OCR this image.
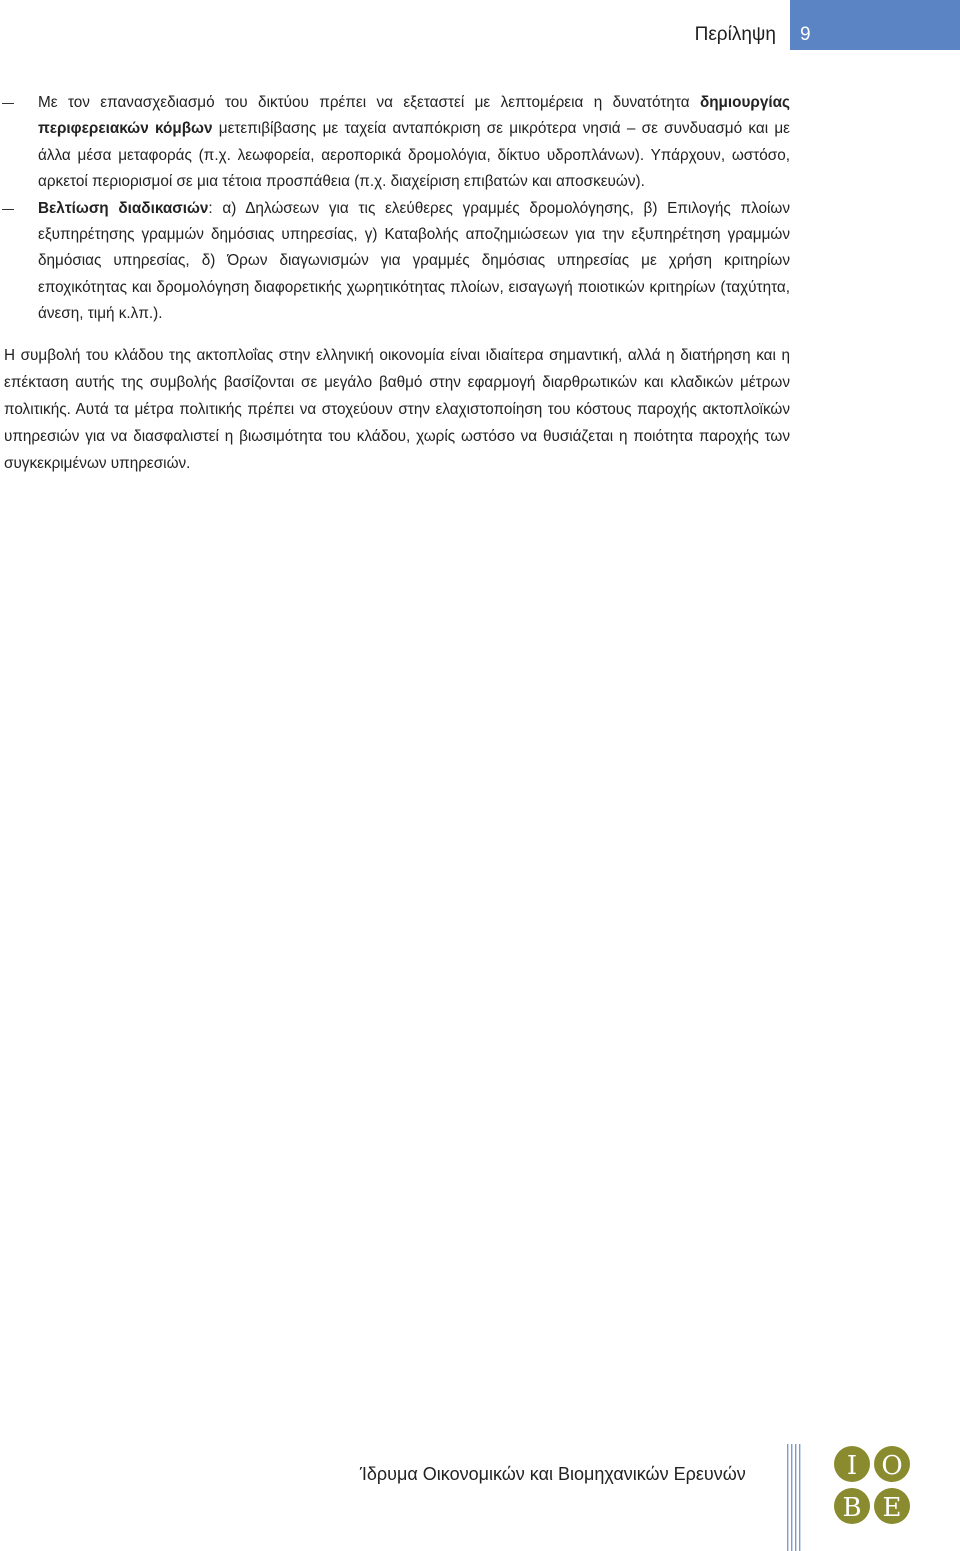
Περίληψη 9
Με τον επανασχεδιασμό του δικτύου πρέπει να εξεταστεί με λεπτομέρεια η δυνατότητα δημιουργίας περιφερειακών κόμβων μετεπιβίβασης με ταχεία ανταπόκριση σε μικρότερα νησιά – σε συνδυασμό και με άλλα μέσα μεταφοράς (π.χ. λεωφορεία, αεροπορικά δρομολόγια, δίκτυο υδροπλάνων). Υπάρχουν, ωστόσο, αρκετοί περιορισμοί σε μια τέτοια προσπάθεια (π.χ. διαχείριση επιβατών και αποσκευών).
Βελτίωση διαδικασιών: α) Δηλώσεων για τις ελεύθερες γραμμές δρομολόγησης, β) Επιλογής πλοίων εξυπηρέτησης γραμμών δημόσιας υπηρεσίας, γ) Καταβολής αποζημιώσεων για την εξυπηρέτηση γραμμών δημόσιας υπηρεσίας, δ) Όρων διαγωνισμών για γραμμές δημόσιας υπηρεσίας με χρήση κριτηρίων εποχικότητας και δρομολόγηση διαφορετικής χωρητικότητας πλοίων, εισαγωγή ποιοτικών κριτηρίων (ταχύτητα, άνεση, τιμή κ.λπ.).

Η συμβολή του κλάδου της ακτοπλοΐας στην ελληνική οικονομία είναι ιδιαίτερα σημαντική, αλλά η διατήρηση και η επέκταση αυτής της συμβολής βασίζονται σε μεγάλο βαθμό στην εφαρμογή διαρθρωτικών και κλαδικών μέτρων πολιτικής. Αυτά τα μέτρα πολιτικής πρέπει να στοχεύουν στην ελαχιστοποίηση του κόστους παροχής ακτοπλοϊκών υπηρεσιών για να διασφαλιστεί η βιωσιμότητα του κλάδου, χωρίς ωστόσο να θυσιάζεται η ποιότητα παροχής των συγκεκριμένων υπηρεσιών.

Ίδρυμα Οικονομικών και Βιομηχανικών Ερευνών	Ι Ο
Β Ε
